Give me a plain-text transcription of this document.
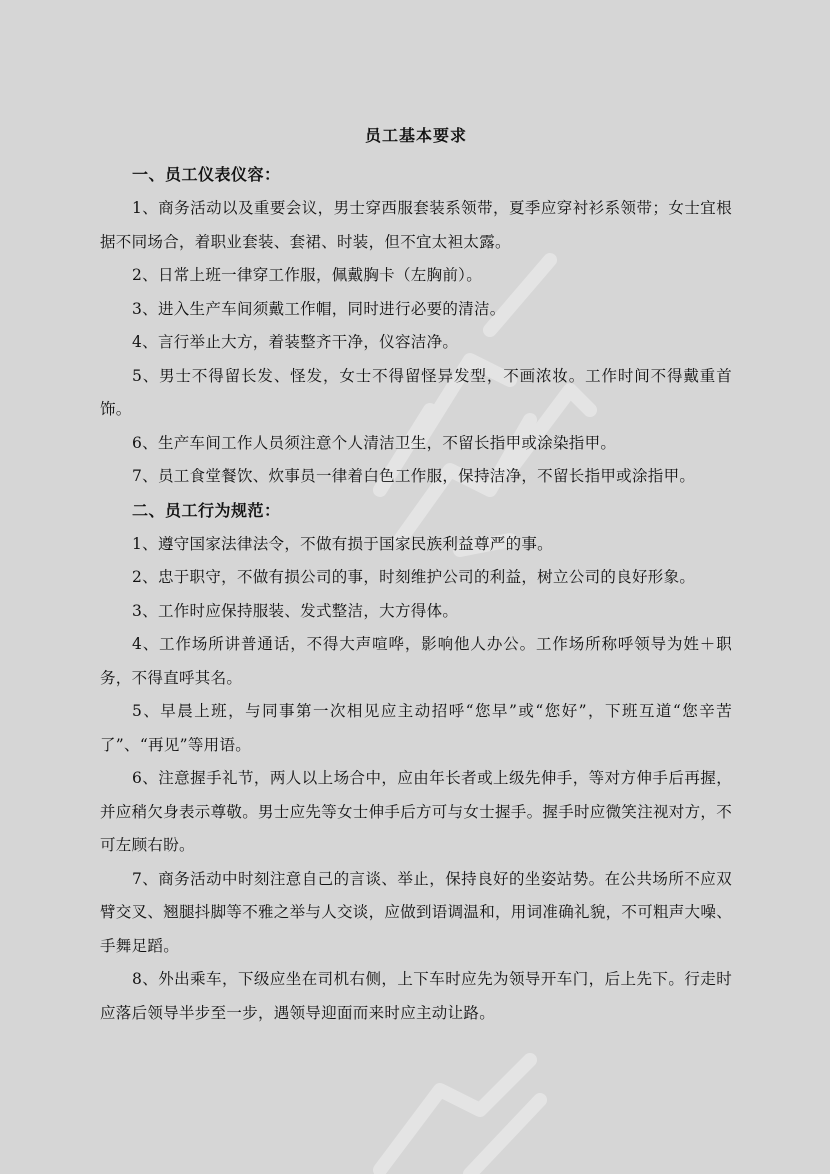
员工基本要求
一、员工仪表仪容：

1、商务活动以及重要会议，男士穿西服套装系领带，夏季应穿衬衫系领带；女士宜根据不同场合，着职业套装、套裙、时装，但不宜太袒太露。

2、日常上班一律穿工作服，佩戴胸卡（左胸前）。

3、进入生产车间须戴工作帽，同时进行必要的清洁。

4、言行举止大方，着装整齐干净，仪容洁净。

5、男士不得留长发、怪发，女士不得留怪异发型，不画浓妆。工作时间不得戴重首饰。

6、生产车间工作人员须注意个人清洁卫生，不留长指甲或涂染指甲。

7、员工食堂餐饮、炊事员一律着白色工作服，保持洁净，不留长指甲或涂指甲。

二、员工行为规范：

1、遵守国家法律法令，不做有损于国家民族利益尊严的事。

2、忠于职守，不做有损公司的事，时刻维护公司的利益，树立公司的良好形象。

3、工作时应保持服装、发式整洁，大方得体。

4、工作场所讲普通话，不得大声喧哗，影响他人办公。工作场所称呼领导为姓＋职务，不得直呼其名。

5、早晨上班，与同事第一次相见应主动招呼“您早”或“您好”，下班互道“您辛苦了”、“再见”等用语。

6、注意握手礼节，两人以上场合中，应由年长者或上级先伸手，等对方伸手后再握，并应稍欠身表示尊敬。男士应先等女士伸手后方可与女士握手。握手时应微笑注视对方，不可左顾右盼。

7、商务活动中时刻注意自己的言谈、举止，保持良好的坐姿站势。在公共场所不应双臂交叉、翘腿抖脚等不雅之举与人交谈，应做到语调温和，用词准确礼貌，不可粗声大噪、手舞足蹈。

8、外出乘车，下级应坐在司机右侧，上下车时应先为领导开车门，后上先下。行走时应落后领导半步至一步，遇领导迎面而来时应主动让路。
